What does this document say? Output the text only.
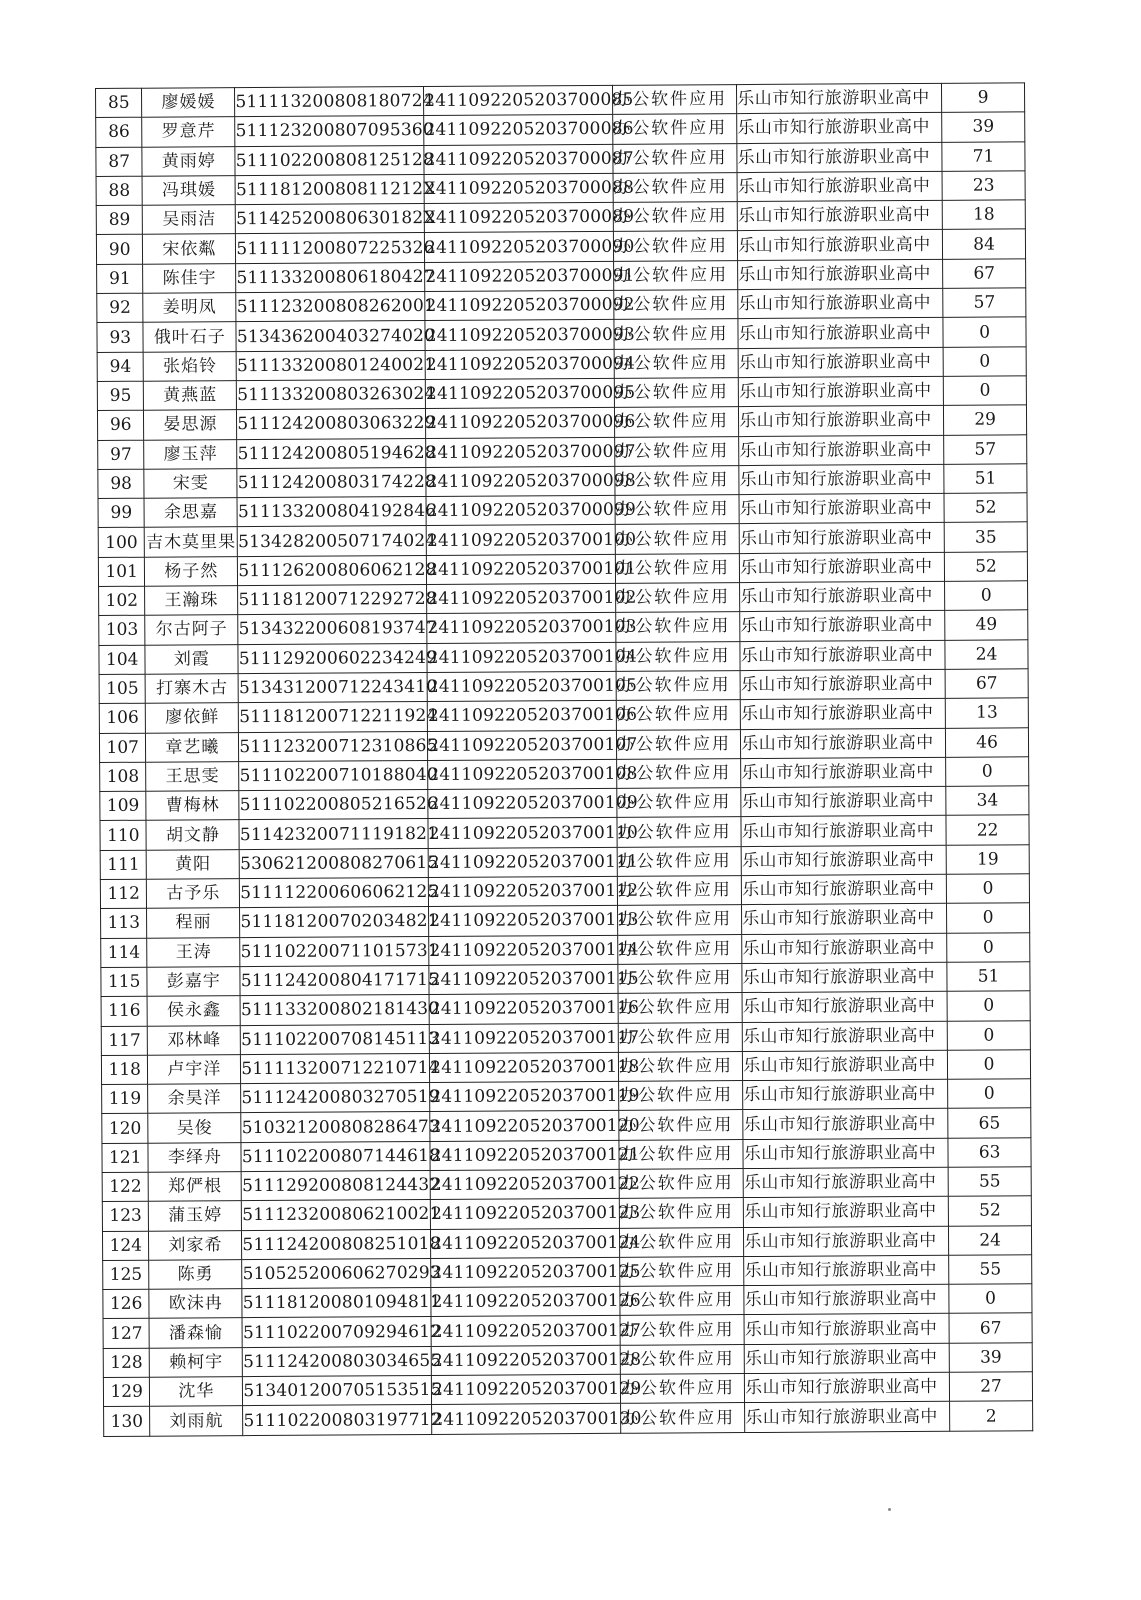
85	廖媛媛	511113200808180724	2411092205203700085	办公软件应用	乐山市知行旅游职业高中	9
86	罗意芹	511123200807095360	2411092205203700086	办公软件应用	乐山市知行旅游职业高中	39
87	黄雨婷	511102200808125128	2411092205203700087	办公软件应用	乐山市知行旅游职业高中	71
88	冯琪媛	51118120080811212X	2411092205203700088	办公软件应用	乐山市知行旅游职业高中	23
89	吴雨洁	51142520080630182X	2411092205203700089	办公软件应用	乐山市知行旅游职业高中	18
90	宋依粼	511111200807225326	2411092205203700090	办公软件应用	乐山市知行旅游职业高中	84
91	陈佳宇	511133200806180427	2411092205203700091	办公软件应用	乐山市知行旅游职业高中	67
92	姜明凤	511123200808262001	2411092205203700092	办公软件应用	乐山市知行旅游职业高中	57
93	俄叶石子	513436200403274020	2411092205203700093	办公软件应用	乐山市知行旅游职业高中	0
94	张焰铃	511133200801240021	2411092205203700094	办公软件应用	乐山市知行旅游职业高中	0
95	黄燕蓝	511133200803263024	2411092205203700095	办公软件应用	乐山市知行旅游职业高中	0
96	晏思源	511124200803063229	2411092205203700096	办公软件应用	乐山市知行旅游职业高中	29
97	廖玉萍	511124200805194628	2411092205203700097	办公软件应用	乐山市知行旅游职业高中	57
98	宋雯	511124200803174228	2411092205203700098	办公软件应用	乐山市知行旅游职业高中	51
99	余思嘉	511133200804192846	2411092205203700099	办公软件应用	乐山市知行旅游职业高中	52
100	吉木莫里果	513428200507174024	2411092205203700100	办公软件应用	乐山市知行旅游职业高中	35
101	杨子然	511126200806062128	2411092205203700101	办公软件应用	乐山市知行旅游职业高中	52
102	王瀚珠	511181200712292728	2411092205203700102	办公软件应用	乐山市知行旅游职业高中	0
103	尔古阿子	513432200608193747	2411092205203700103	办公软件应用	乐山市知行旅游职业高中	49
104	刘霞	511129200602234249	2411092205203700104	办公软件应用	乐山市知行旅游职业高中	24
105	打寨木古	513431200712243410	2411092205203700105	办公软件应用	乐山市知行旅游职业高中	67
106	廖依鲜	511181200712211924	2411092205203700106	办公软件应用	乐山市知行旅游职业高中	13
107	章艺曦	511123200712310865	2411092205203700107	办公软件应用	乐山市知行旅游职业高中	46
108	王思雯	511102200710188040	2411092205203700108	办公软件应用	乐山市知行旅游职业高中	0
109	曹梅林	511102200805216526	2411092205203700109	办公软件应用	乐山市知行旅游职业高中	34
110	胡文静	511423200711191821	2411092205203700110	办公软件应用	乐山市知行旅游职业高中	22
111	黄阳	530621200808270615	2411092205203700111	办公软件应用	乐山市知行旅游职业高中	19
112	古予乐	511112200606062125	2411092205203700112	办公软件应用	乐山市知行旅游职业高中	0
113	程丽	511181200702034821	2411092205203700113	办公软件应用	乐山市知行旅游职业高中	0
114	王涛	511102200711015731	2411092205203700114	办公软件应用	乐山市知行旅游职业高中	0
115	彭嘉宇	511124200804171715	2411092205203700115	办公软件应用	乐山市知行旅游职业高中	51
116	侯永鑫	511133200802181430	2411092205203700116	办公软件应用	乐山市知行旅游职业高中	0
117	邓林峰	511102200708145113	2411092205203700117	办公软件应用	乐山市知行旅游职业高中	0
118	卢宇洋	511113200712210714	2411092205203700118	办公软件应用	乐山市知行旅游职业高中	0
119	余昊洋	511124200803270519	2411092205203700119	办公软件应用	乐山市知行旅游职业高中	0
120	吴俊	510321200808286473	2411092205203700120	办公软件应用	乐山市知行旅游职业高中	65
121	李绎舟	511102200807144618	2411092205203700121	办公软件应用	乐山市知行旅游职业高中	63
122	郑俨根	511129200808124432	2411092205203700122	办公软件应用	乐山市知行旅游职业高中	55
123	蒲玉婷	511123200806210021	2411092205203700123	办公软件应用	乐山市知行旅游职业高中	52
124	刘家希	511124200808251018	2411092205203700124	办公软件应用	乐山市知行旅游职业高中	24
125	陈勇	510525200606270293	2411092205203700125	办公软件应用	乐山市知行旅游职业高中	55
126	欧沫冉	511181200801094811	2411092205203700126	办公软件应用	乐山市知行旅游职业高中	0
127	潘森愉	511102200709294612	2411092205203700127	办公软件应用	乐山市知行旅游职业高中	67
128	赖柯宇	511124200803034655	2411092205203700128	办公软件应用	乐山市知行旅游职业高中	39
129	沈华	513401200705153515	2411092205203700129	办公软件应用	乐山市知行旅游职业高中	27
130	刘雨航	511102200803197712	2411092205203700130	办公软件应用	乐山市知行旅游职业高中	2
